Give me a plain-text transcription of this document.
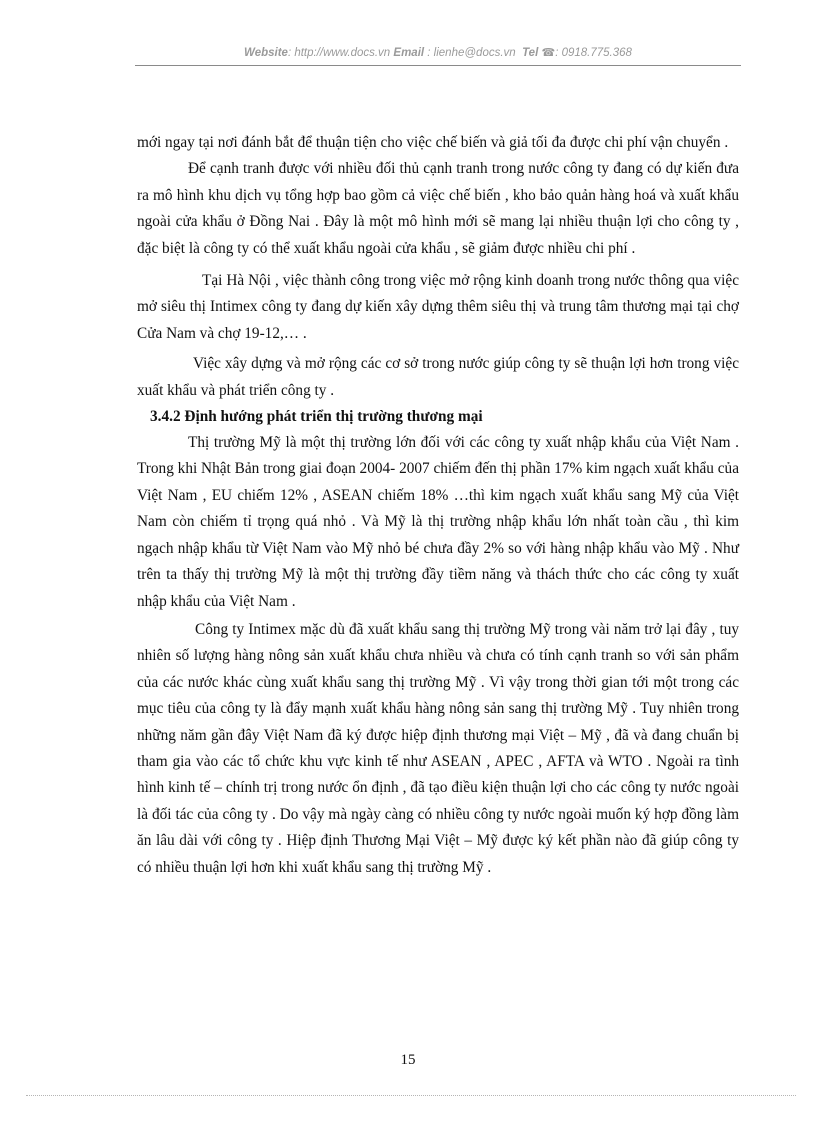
Website: http://www.docs.vn Email : lienhe@docs.vn Tel ☎: 0918.775.368

mới ngay tại nơi đánh bắt để thuận tiện cho việc chế biến và giả tối đa được chi phí vận chuyển .

Để cạnh tranh được với nhiều đối thủ cạnh tranh trong nước công ty đang có dự kiến đưa ra mô hình khu dịch vụ tổng hợp bao gồm cả việc chế biến , kho bảo quản hàng hoá và xuất khẩu ngoài cửa khẩu ở Đồng Nai . Đây là một mô hình mới sẽ mang lại nhiều thuận lợi cho công ty , đặc biệt là công ty có thể xuất khẩu ngoài cửa khẩu , sẽ giảm được nhiều chi phí .

Tại Hà Nội , việc thành công trong việc mở rộng kinh doanh trong nước thông qua việc mở siêu thị Intimex công ty đang dự kiến xây dựng thêm siêu thị và trung tâm thương mại tại chợ Cửa Nam và chợ 19-12,… .

Việc xây dựng và mở rộng các cơ sở trong nước giúp công ty sẽ thuận lợi hơn trong việc xuất khẩu và phát triển công ty .

3.4.2 Định hướng phát triển thị trường thương mại

Thị trường Mỹ là một thị trường lớn đối với các công ty xuất nhập khẩu của Việt Nam . Trong khi Nhật Bản trong giai đoạn 2004- 2007 chiếm đến thị phần 17% kim ngạch xuất khẩu của Việt Nam , EU chiếm 12% , ASEAN chiếm 18% …thì kim ngạch xuất khẩu sang Mỹ của Việt Nam còn chiếm tỉ trọng quá nhỏ . Và Mỹ là thị trường nhập khẩu lớn nhất toàn cầu , thì kim ngạch nhập khẩu từ Việt Nam vào Mỹ nhỏ bé chưa đầy 2% so với hàng nhập khẩu vào Mỹ . Như trên ta thấy thị trường Mỹ là một thị trường đầy tiềm năng và thách thức cho các công ty xuất nhập khẩu của Việt Nam .

Công ty Intimex mặc dù đã xuất khẩu sang thị trường Mỹ trong vài năm trở lại đây , tuy nhiên số lượng hàng nông sản xuất khẩu chưa nhiều và chưa có tính cạnh tranh so với sản phẩm của các nước khác cùng xuất khẩu sang thị trường Mỹ . Vì vậy trong thời gian tới một trong các mục tiêu của công ty là đẩy mạnh xuất khẩu hàng nông sản sang thị trường Mỹ . Tuy nhiên trong những năm gần đây Việt Nam đã ký được hiệp định thương mại Việt – Mỹ , đã và đang chuẩn bị tham gia vào các tổ chức khu vực kinh tế như ASEAN , APEC , AFTA và WTO . Ngoài ra tình hình kinh tế – chính trị trong nước ổn định , đã tạo điều kiện thuận lợi cho các công ty nước ngoài là đối tác của công ty . Do vậy mà ngày càng có nhiều công ty nước ngoài muốn ký hợp đồng làm ăn lâu dài với công ty . Hiệp định Thương Mại Việt – Mỹ được ký kết phần nào đã giúp công ty có nhiều thuận lợi hơn khi xuất khẩu sang thị trường Mỹ .

15
